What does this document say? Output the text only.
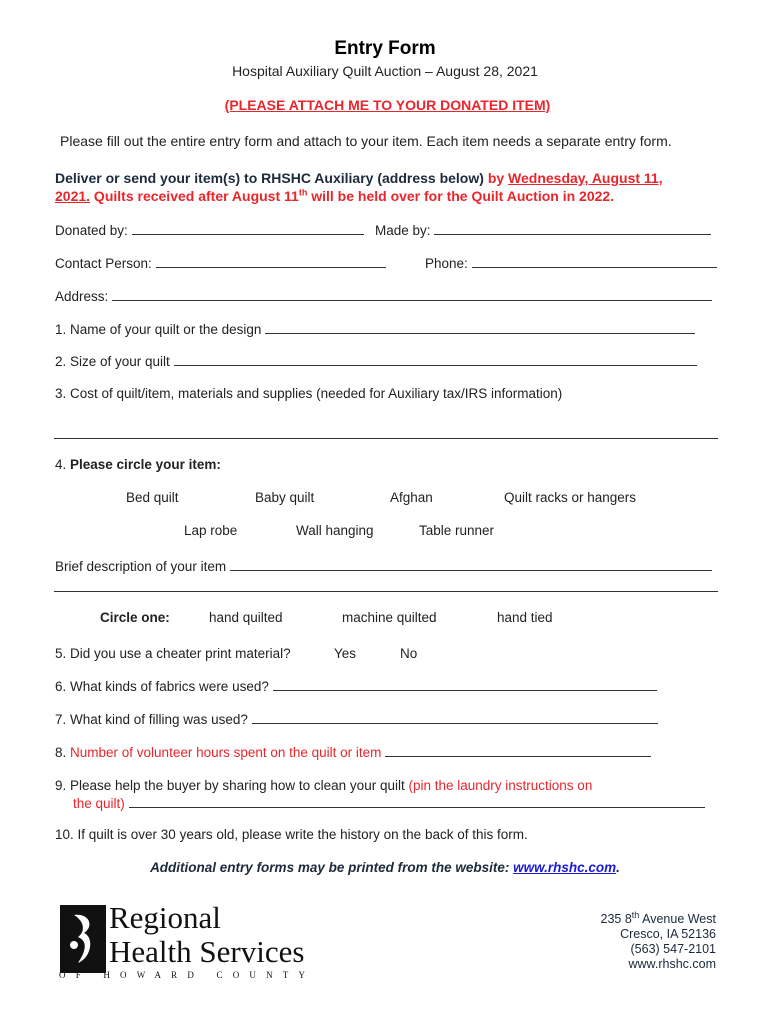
Entry Form
Hospital Auxiliary Quilt Auction – August 28, 2021
(PLEASE ATTACH ME TO YOUR DONATED ITEM)
Please fill out the entire entry form and attach to your item. Each item needs a separate entry form.
Deliver or send your item(s) to RHSHC Auxiliary (address below) by Wednesday, August 11,
2021. Quilts received after August 11th will be held over for the Quilt Auction in 2022.
Donated by:	Made by:
Contact Person:	Phone:
Address:
1. Name of your quilt or the design
2. Size of your quilt
3. Cost of quilt/item, materials and supplies (needed for Auxiliary tax/IRS information)
4. Please circle your item:
Bed quilt	Baby quilt	Afghan	Quilt racks or hangers
Lap robe	Wall hanging	Table runner
Brief description of your item
Circle one:	hand quilted	machine quilted	hand tied
5. Did you use a cheater print material?	Yes	No
6. What kinds of fabrics were used?
7. What kind of filling was used?
8. Number of volunteer hours spent on the quilt or item
9. Please help the buyer by sharing how to clean your quilt (pin the laundry instructions on
the quilt)
10. If quilt is over 30 years old, please write the history on the back of this form.
Additional entry forms may be printed from the website: www.rhshc.com.
Regional
Health Services
OF HOWARD COUNTY
235 8th Avenue West
Cresco, IA 52136
(563) 547-2101
www.rhshc.com
